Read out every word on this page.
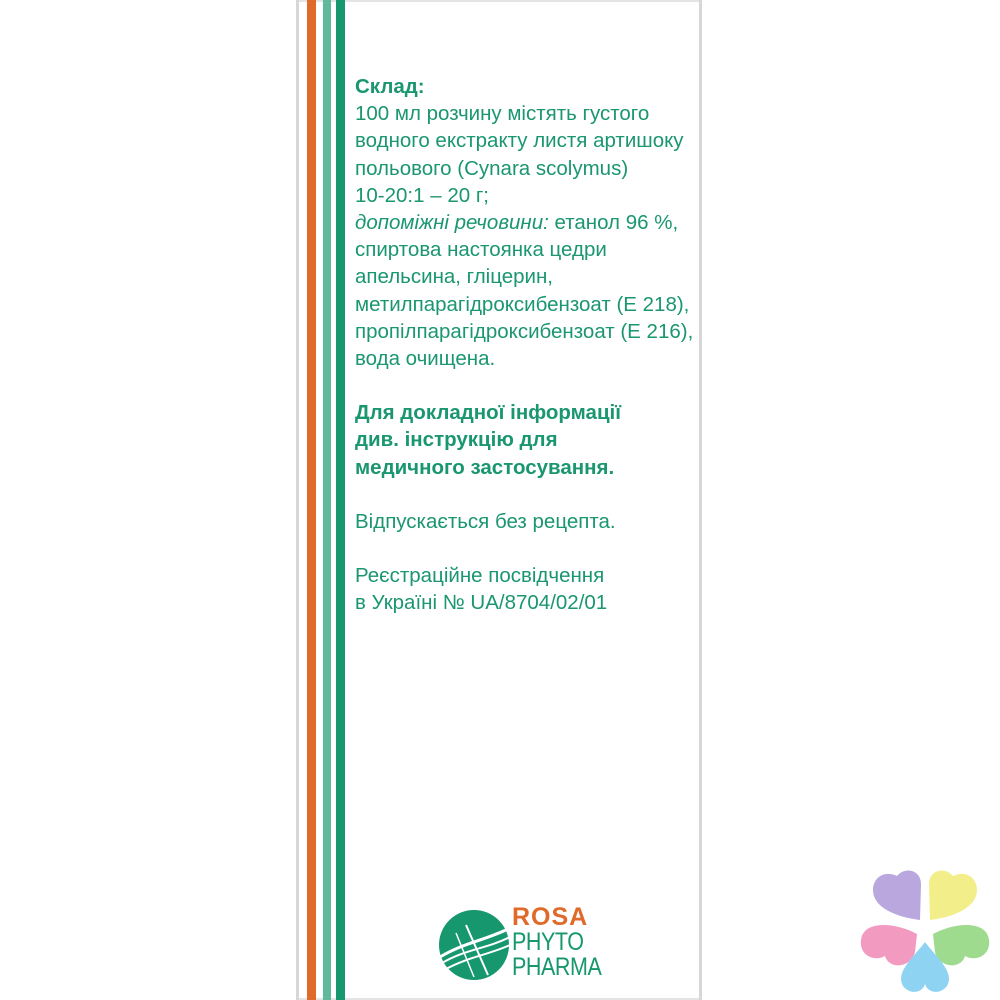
Склад:

100 мл розчину містять густого

водного екстракту листя артишоку

польового (Cynara scolymus)

10-20:1 – 20 г;

допоміжні речовини: етанол 96 %,

спиртова настоянка цедри

апельсина, гліцерин,

метилпарагідроксибензоат (Е 218),

пропілпарагідроксибензоат (Е 216),

вода очищена.

Для докладної інформації

див. інструкцію для

медичного застосування.

Відпускається без рецепта.

Реєстраційне посвідчення

в Україні № UA/8704/02/01

ROSA
PHYTO
PHARMA
